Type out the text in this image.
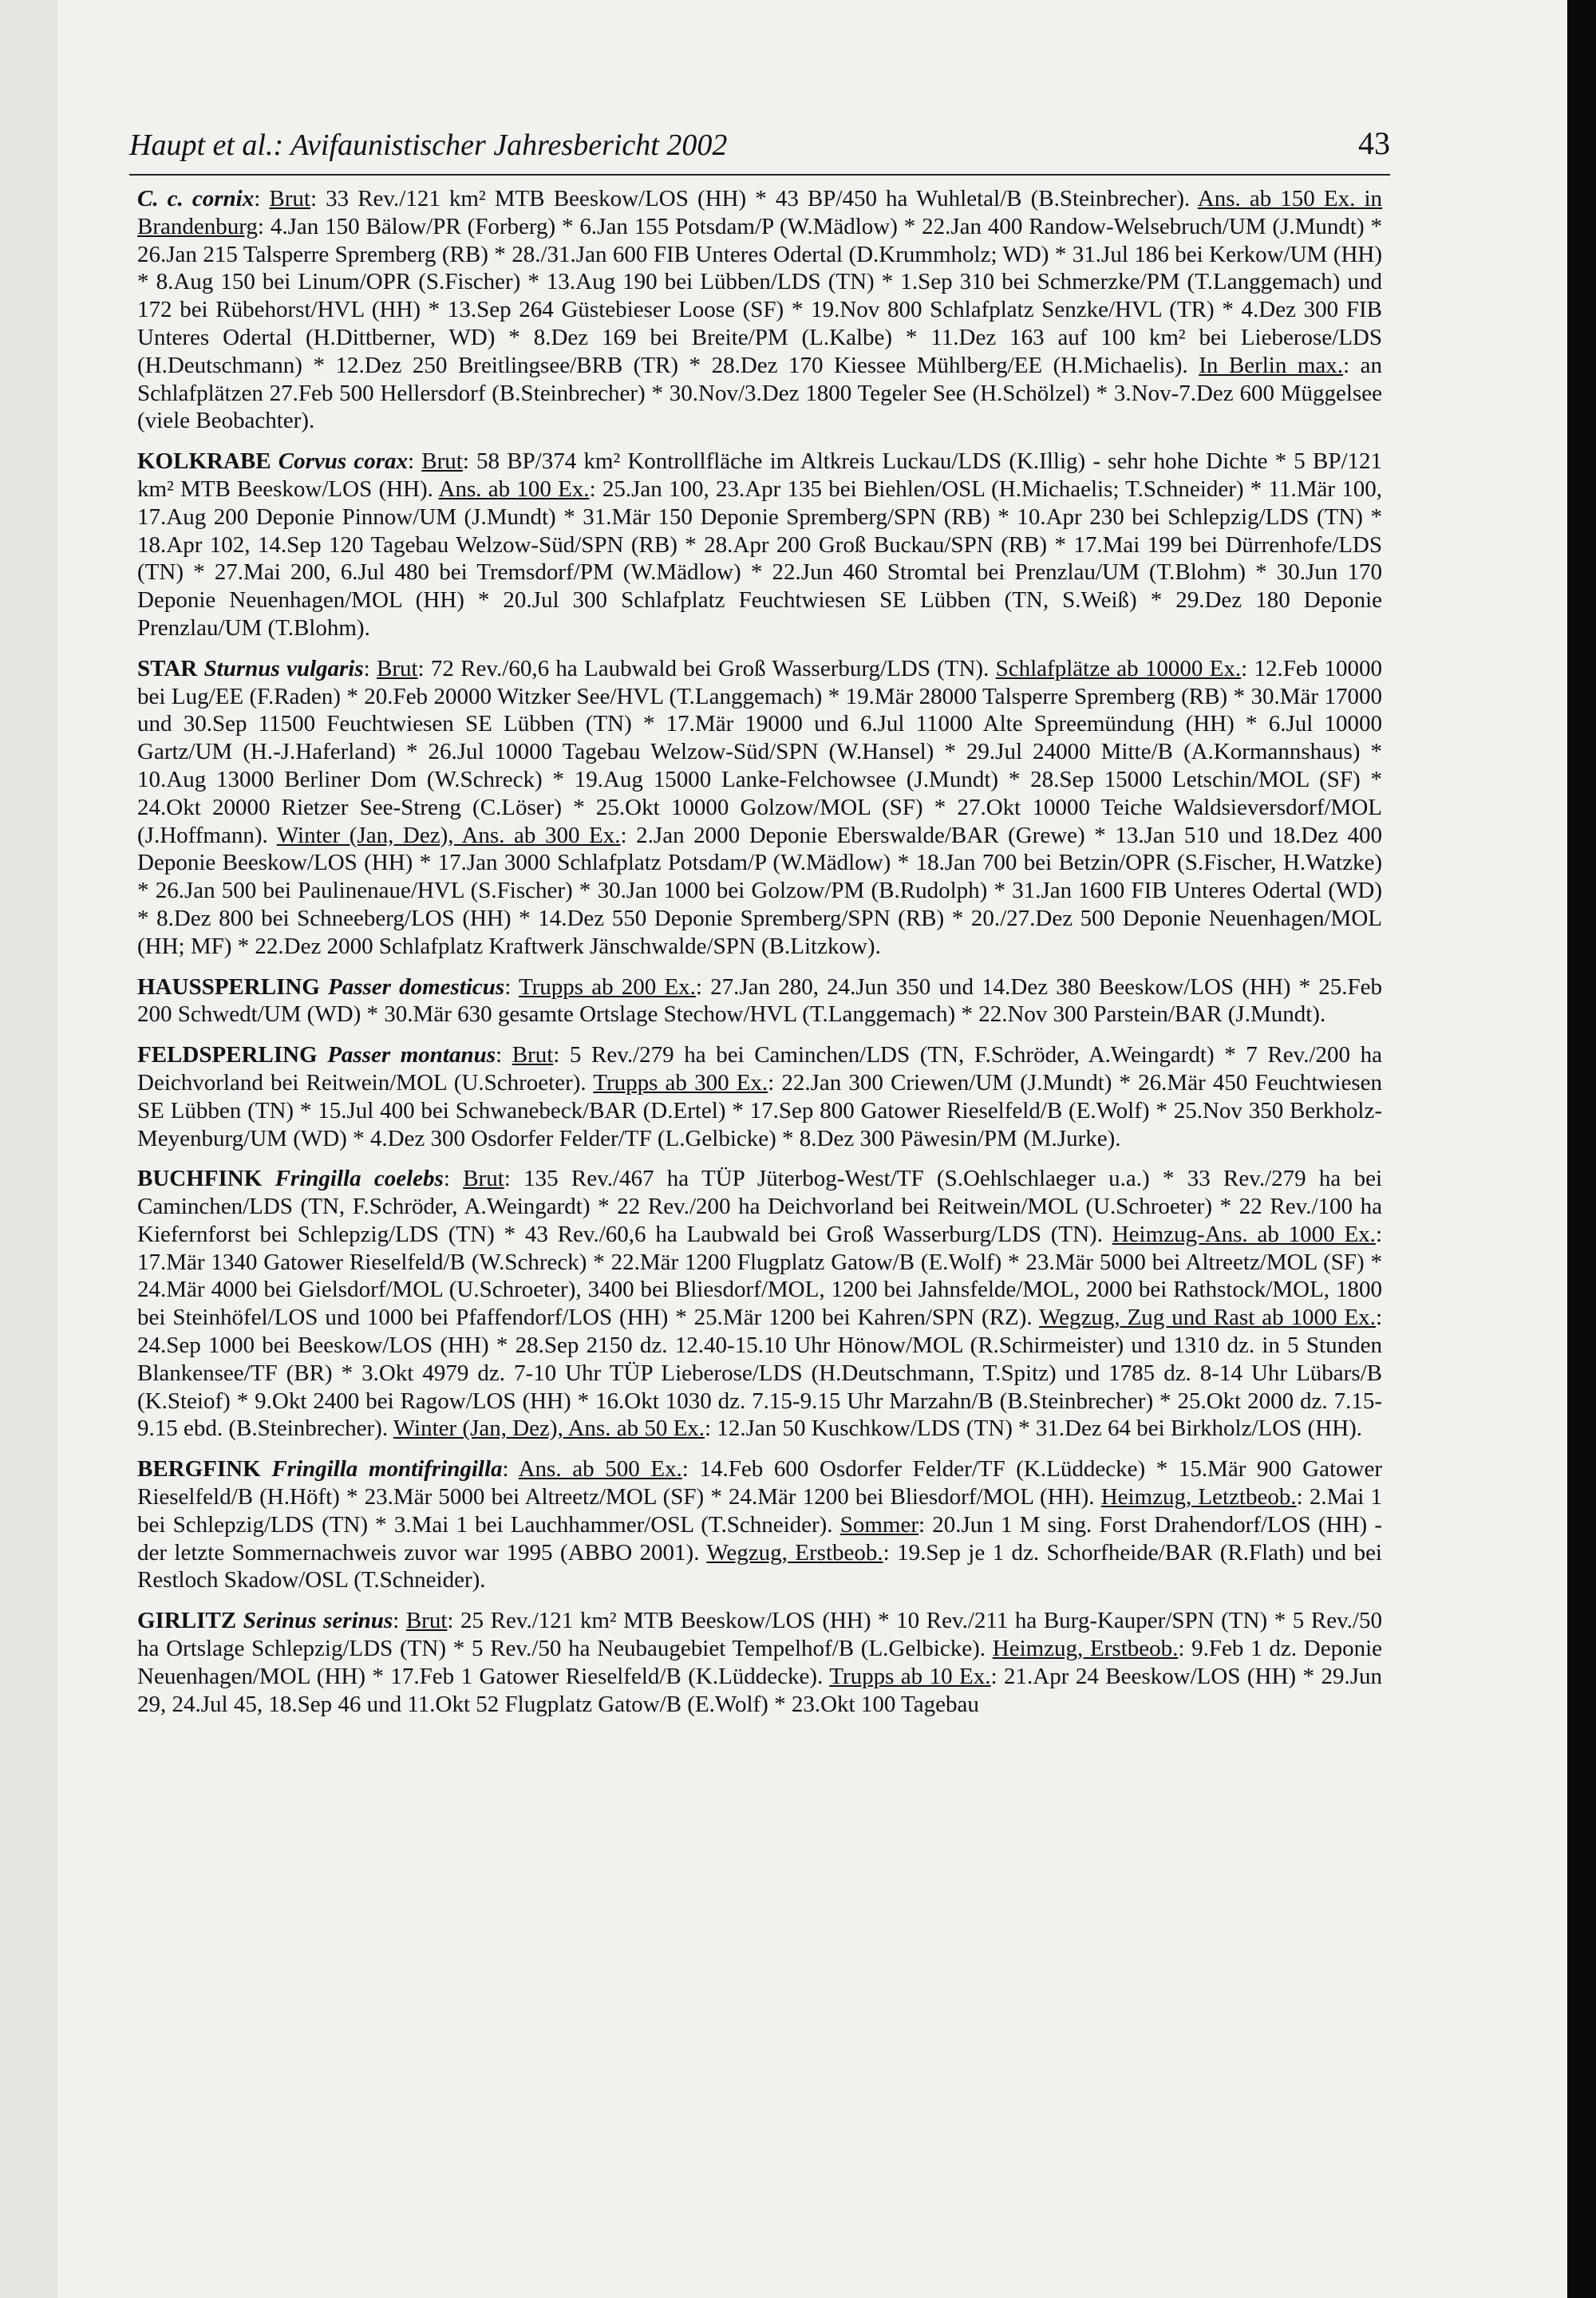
Haupt et al.: Avifaunistischer Jahresbericht 2002	43

C. c. cornix: Brut: 33 Rev./121 km² MTB Beeskow/LOS (HH) * 43 BP/450 ha Wuhletal/B (B.Steinbrecher). Ans. ab 150 Ex. in Brandenburg: 4.Jan 150 Bälow/PR (Forberg) * 6.Jan 155 Potsdam/P (W.Mädlow) * 22.Jan 400 Randow-Welsebruch/UM (J.Mundt) * 26.Jan 215 Talsperre Spremberg (RB) * 28./31.Jan 600 FIB Unteres Odertal (D.Krummholz; WD) * 31.Jul 186 bei Kerkow/UM (HH) * 8.Aug 150 bei Linum/OPR (S.Fischer) * 13.Aug 190 bei Lübben/LDS (TN) * 1.Sep 310 bei Schmerzke/PM (T.Langgemach) und 172 bei Rübehorst/HVL (HH) * 13.Sep 264 Güstebieser Loose (SF) * 19.Nov 800 Schlafplatz Senzke/HVL (TR) * 4.Dez 300 FIB Unteres Odertal (H.Dittberner, WD) * 8.Dez 169 bei Breite/PM (L.Kalbe) * 11.Dez 163 auf 100 km² bei Lieberose/LDS (H.Deutschmann) * 12.Dez 250 Breitlingsee/BRB (TR) * 28.Dez 170 Kiessee Mühlberg/EE (H.Michaelis). In Berlin max.: an Schlafplätzen 27.Feb 500 Hellersdorf (B.Steinbrecher) * 30.Nov/3.Dez 1800 Tegeler See (H.Schölzel) * 3.Nov-7.Dez 600 Müggelsee (viele Beobachter).

KOLKRABE Corvus corax: Brut: 58 BP/374 km² Kontrollfläche im Altkreis Luckau/LDS (K.Illig) - sehr hohe Dichte * 5 BP/121 km² MTB Beeskow/LOS (HH). Ans. ab 100 Ex.: 25.Jan 100, 23.Apr 135 bei Biehlen/OSL (H.Michaelis; T.Schneider) * 11.Mär 100, 17.Aug 200 Deponie Pinnow/UM (J.Mundt) * 31.Mär 150 Deponie Spremberg/SPN (RB) * 10.Apr 230 bei Schlepzig/LDS (TN) * 18.Apr 102, 14.Sep 120 Tagebau Welzow-Süd/SPN (RB) * 28.Apr 200 Groß Buckau/SPN (RB) * 17.Mai 199 bei Dürrenhofe/LDS (TN) * 27.Mai 200, 6.Jul 480 bei Tremsdorf/PM (W.Mädlow) * 22.Jun 460 Stromtal bei Prenzlau/UM (T.Blohm) * 30.Jun 170 Deponie Neuenhagen/MOL (HH) * 20.Jul 300 Schlafplatz Feuchtwiesen SE Lübben (TN, S.Weiß) * 29.Dez 180 Deponie Prenzlau/UM (T.Blohm).

STAR Sturnus vulgaris: Brut: 72 Rev./60,6 ha Laubwald bei Groß Wasserburg/LDS (TN). Schlafplätze ab 10000 Ex.: 12.Feb 10000 bei Lug/EE (F.Raden) * 20.Feb 20000 Witzker See/HVL (T.Langgemach) * 19.Mär 28000 Talsperre Spremberg (RB) * 30.Mär 17000 und 30.Sep 11500 Feuchtwiesen SE Lübben (TN) * 17.Mär 19000 und 6.Jul 11000 Alte Spreemündung (HH) * 6.Jul 10000 Gartz/UM (H.-J.Haferland) * 26.Jul 10000 Tagebau Welzow-Süd/SPN (W.Hansel) * 29.Jul 24000 Mitte/B (A.Kormannshaus) * 10.Aug 13000 Berliner Dom (W.Schreck) * 19.Aug 15000 Lanke-Felchowsee (J.Mundt) * 28.Sep 15000 Letschin/MOL (SF) * 24.Okt 20000 Rietzer See-Streng (C.Löser) * 25.Okt 10000 Golzow/MOL (SF) * 27.Okt 10000 Teiche Waldsieversdorf/MOL (J.Hoffmann). Winter (Jan, Dez), Ans. ab 300 Ex.: 2.Jan 2000 Deponie Eberswalde/BAR (Grewe) * 13.Jan 510 und 18.Dez 400 Deponie Beeskow/LOS (HH) * 17.Jan 3000 Schlafplatz Potsdam/P (W.Mädlow) * 18.Jan 700 bei Betzin/OPR (S.Fischer, H.Watzke) * 26.Jan 500 bei Paulinenaue/HVL (S.Fischer) * 30.Jan 1000 bei Golzow/PM (B.Rudolph) * 31.Jan 1600 FIB Unteres Odertal (WD) * 8.Dez 800 bei Schneeberg/LOS (HH) * 14.Dez 550 Deponie Spremberg/SPN (RB) * 20./27.Dez 500 Deponie Neuenhagen/MOL (HH; MF) * 22.Dez 2000 Schlafplatz Kraftwerk Jänschwalde/SPN (B.Litzkow).

HAUSSPERLING Passer domesticus: Trupps ab 200 Ex.: 27.Jan 280, 24.Jun 350 und 14.Dez 380 Beeskow/LOS (HH) * 25.Feb 200 Schwedt/UM (WD) * 30.Mär 630 gesamte Ortslage Stechow/HVL (T.Langgemach) * 22.Nov 300 Parstein/BAR (J.Mundt).

FELDSPERLING Passer montanus: Brut: 5 Rev./279 ha bei Caminchen/LDS (TN, F.Schröder, A.Weingardt) * 7 Rev./200 ha Deichvorland bei Reitwein/MOL (U.Schroeter). Trupps ab 300 Ex.: 22.Jan 300 Criewen/UM (J.Mundt) * 26.Mär 450 Feuchtwiesen SE Lübben (TN) * 15.Jul 400 bei Schwanebeck/BAR (D.Ertel) * 17.Sep 800 Gatower Rieselfeld/B (E.Wolf) * 25.Nov 350 Berkholz-Meyenburg/UM (WD) * 4.Dez 300 Osdorfer Felder/TF (L.Gelbicke) * 8.Dez 300 Päwesin/PM (M.Jurke).

BUCHFINK Fringilla coelebs: Brut: 135 Rev./467 ha TÜP Jüterbog-West/TF (S.Oehlschlaeger u.a.) * 33 Rev./279 ha bei Caminchen/LDS (TN, F.Schröder, A.Weingardt) * 22 Rev./200 ha Deichvorland bei Reitwein/MOL (U.Schroeter) * 22 Rev./100 ha Kiefernforst bei Schlepzig/LDS (TN) * 43 Rev./60,6 ha Laubwald bei Groß Wasserburg/LDS (TN). Heimzug-Ans. ab 1000 Ex.: 17.Mär 1340 Gatower Rieselfeld/B (W.Schreck) * 22.Mär 1200 Flugplatz Gatow/B (E.Wolf) * 23.Mär 5000 bei Altreetz/MOL (SF) * 24.Mär 4000 bei Gielsdorf/MOL (U.Schroeter), 3400 bei Bliesdorf/MOL, 1200 bei Jahnsfelde/MOL, 2000 bei Rathstock/MOL, 1800 bei Steinhöfel/LOS und 1000 bei Pfaffendorf/LOS (HH) * 25.Mär 1200 bei Kahren/SPN (RZ). Wegzug, Zug und Rast ab 1000 Ex.: 24.Sep 1000 bei Beeskow/LOS (HH) * 28.Sep 2150 dz. 12.40-15.10 Uhr Hönow/MOL (R.Schirmeister) und 1310 dz. in 5 Stunden Blankensee/TF (BR) * 3.Okt 4979 dz. 7-10 Uhr TÜP Lieberose/LDS (H.Deutschmann, T.Spitz) und 1785 dz. 8-14 Uhr Lübars/B (K.Steiof) * 9.Okt 2400 bei Ragow/LOS (HH) * 16.Okt 1030 dz. 7.15-9.15 Uhr Marzahn/B (B.Steinbrecher) * 25.Okt 2000 dz. 7.15-9.15 ebd. (B.Steinbrecher). Winter (Jan, Dez), Ans. ab 50 Ex.: 12.Jan 50 Kuschkow/LDS (TN) * 31.Dez 64 bei Birkholz/LOS (HH).

BERGFINK Fringilla montifringilla: Ans. ab 500 Ex.: 14.Feb 600 Osdorfer Felder/TF (K.Lüddecke) * 15.Mär 900 Gatower Rieselfeld/B (H.Höft) * 23.Mär 5000 bei Altreetz/MOL (SF) * 24.Mär 1200 bei Bliesdorf/MOL (HH). Heimzug, Letztbeob.: 2.Mai 1 bei Schlepzig/LDS (TN) * 3.Mai 1 bei Lauchhammer/OSL (T.Schneider). Sommer: 20.Jun 1 M sing. Forst Drahendorf/LOS (HH) - der letzte Sommernachweis zuvor war 1995 (ABBO 2001). Wegzug, Erstbeob.: 19.Sep je 1 dz. Schorfheide/BAR (R.Flath) und bei Restloch Skadow/OSL (T.Schneider).

GIRLITZ Serinus serinus: Brut: 25 Rev./121 km² MTB Beeskow/LOS (HH) * 10 Rev./211 ha Burg-Kauper/SPN (TN) * 5 Rev./50 ha Ortslage Schlepzig/LDS (TN) * 5 Rev./50 ha Neubaugebiet Tempelhof/B (L.Gelbicke). Heimzug, Erstbeob.: 9.Feb 1 dz. Deponie Neuenhagen/MOL (HH) * 17.Feb 1 Gatower Rieselfeld/B (K.Lüddecke). Trupps ab 10 Ex.: 21.Apr 24 Beeskow/LOS (HH) * 29.Jun 29, 24.Jul 45, 18.Sep 46 und 11.Okt 52 Flugplatz Gatow/B (E.Wolf) * 23.Okt 100 Tagebau
